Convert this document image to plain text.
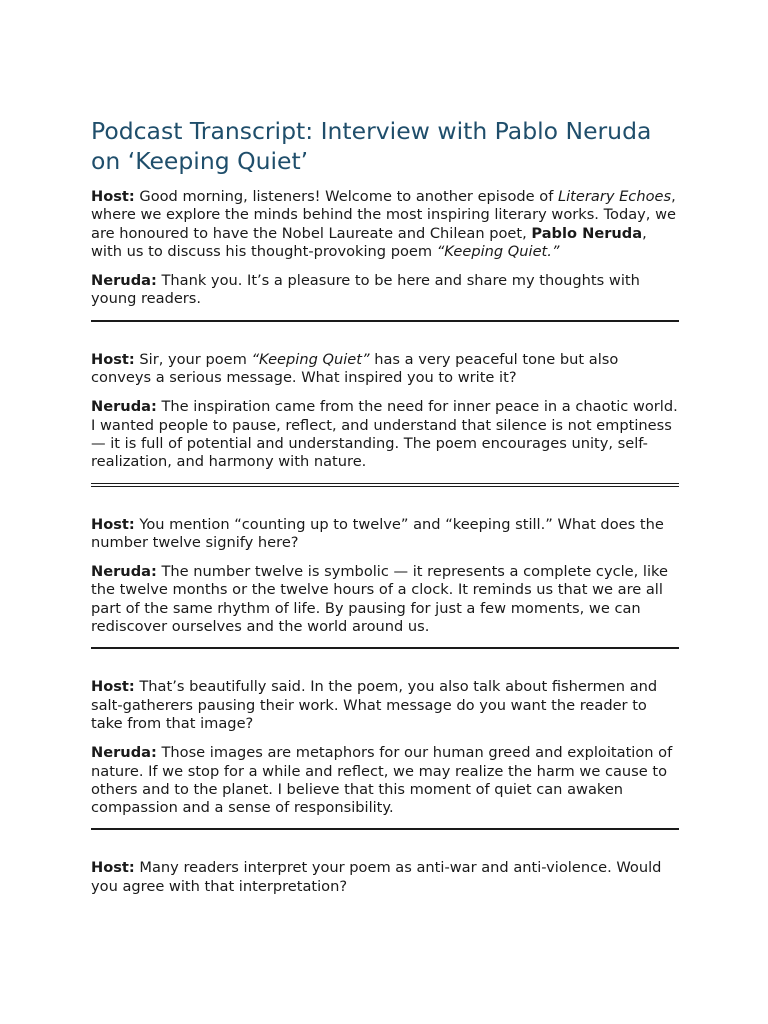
Podcast Transcript: Interview with Pablo Neruda on ‘Keeping Quiet’

Host: Good morning, listeners! Welcome to another episode of Literary Echoes, where we explore the minds behind the most inspiring literary works. Today, we are honoured to have the Nobel Laureate and Chilean poet, Pablo Neruda, with us to discuss his thought-provoking poem “Keeping Quiet.”

Neruda: Thank you. It’s a pleasure to be here and share my thoughts with young readers.

Host: Sir, your poem “Keeping Quiet” has a very peaceful tone but also conveys a serious message. What inspired you to write it?

Neruda: The inspiration came from the need for inner peace in a chaotic world. I wanted people to pause, reflect, and understand that silence is not emptiness — it is full of potential and understanding. The poem encourages unity, self-realization, and harmony with nature.

Host: You mention “counting up to twelve” and “keeping still.” What does the number twelve signify here?

Neruda: The number twelve is symbolic — it represents a complete cycle, like the twelve months or the twelve hours of a clock. It reminds us that we are all part of the same rhythm of life. By pausing for just a few moments, we can rediscover ourselves and the world around us.

Host: That’s beautifully said. In the poem, you also talk about fishermen and salt-gatherers pausing their work. What message do you want the reader to take from that image?

Neruda: Those images are metaphors for our human greed and exploitation of nature. If we stop for a while and reflect, we may realize the harm we cause to others and to the planet. I believe that this moment of quiet can awaken compassion and a sense of responsibility.

Host: Many readers interpret your poem as anti-war and anti-violence. Would you agree with that interpretation?
